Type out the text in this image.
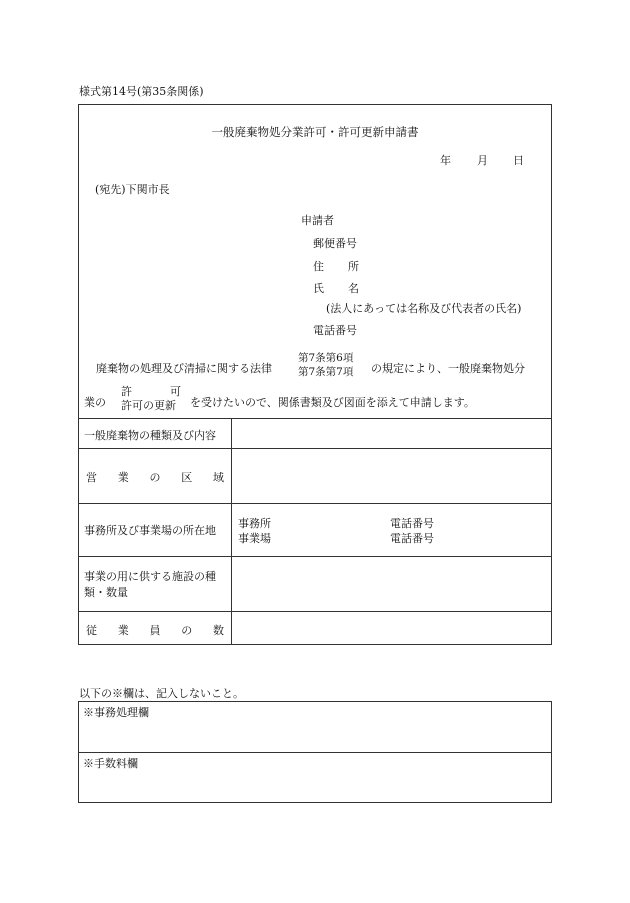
様式第14号(第35条関係)
一般廃棄物処分業許可・許可更新申請書
年 月 日
(宛先)下関市長
申請者
郵便番号
住 所
氏 名
(法人にあっては名称及び代表者の氏名)
電話番号
廃棄物の処理及び清掃に関する法律
第7条第6項
第7条第7項 の規定により、一般廃棄物処分
業の
許	可
許可の更新	を受けたいので、関係書類及び図面を添えて申請します。
一般廃棄物の種類及び内容
営 業 の 区 域
事務所及び事業場の所在地
事務所
事業場
電話番号
電話番号
事業の用に供する施設の種
類・数量
従 業 員 の 数
以下の※欄は、記入しないこと。
※事務処理欄
※手数料欄
